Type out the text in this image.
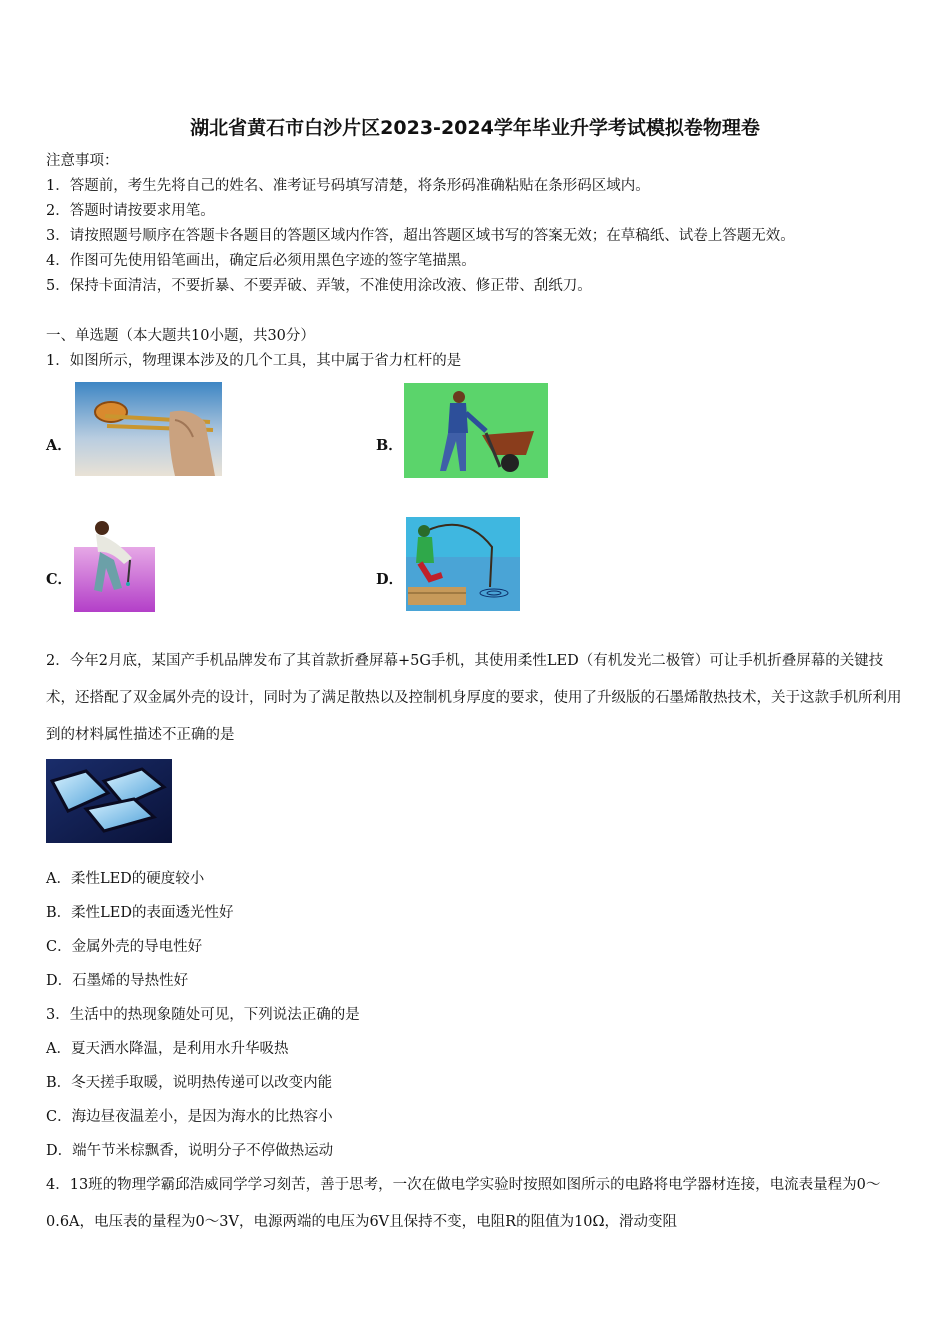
湖北省黄石市白沙片区2023-2024学年毕业升学考试模拟卷物理卷
注意事项：
1．答题前，考生先将自己的姓名、准考证号码填写清楚，将条形码准确粘贴在条形码区域内。
2．答题时请按要求用笔。
3．请按照题号顺序在答题卡各题目的答题区域内作答，超出答题区域书写的答案无效；在草稿纸、试卷上答题无效。
4．作图可先使用铅笔画出，确定后必须用黑色字迹的签字笔描黑。
5．保持卡面清洁，不要折暴、不要弄破、弄皱，不准使用涂改液、修正带、刮纸刀。
一、单选题（本大题共10小题，共30分）
1．如图所示，物理课本涉及的几个工具，其中属于省力杠杆的是
A．	B．
C．	D．
2．今年2月底，某国产手机品牌发布了其首款折叠屏幕+5G手机，其使用柔性LED（有机发光二极管）可让手机折叠屏幕的关键技术，还搭配了双金属外壳的设计，同时为了满足散热以及控制机身厚度的要求，使用了升级版的石墨烯散热技术，关于这款手机所利用到的材料属性描述不正确的是
A．柔性LED的硬度较小
B．柔性LED的表面透光性好
C．金属外壳的导电性好
D．石墨烯的导热性好
3．生活中的热现象随处可见，下列说法正确的是
A．夏天洒水降温，是利用水升华吸热
B．冬天搓手取暖，说明热传递可以改变内能
C．海边昼夜温差小，是因为海水的比热容小
D．端午节米棕飘香，说明分子不停做热运动
4．13班的物理学霸邱浩威同学学习刻苦，善于思考，一次在做电学实验时按照如图所示的电路将电学器材连接，电流表量程为0～0.6A，电压表的量程为0～3V，电源两端的电压为6V且保持不变，电阻R的阻值为10Ω，滑动变阻
